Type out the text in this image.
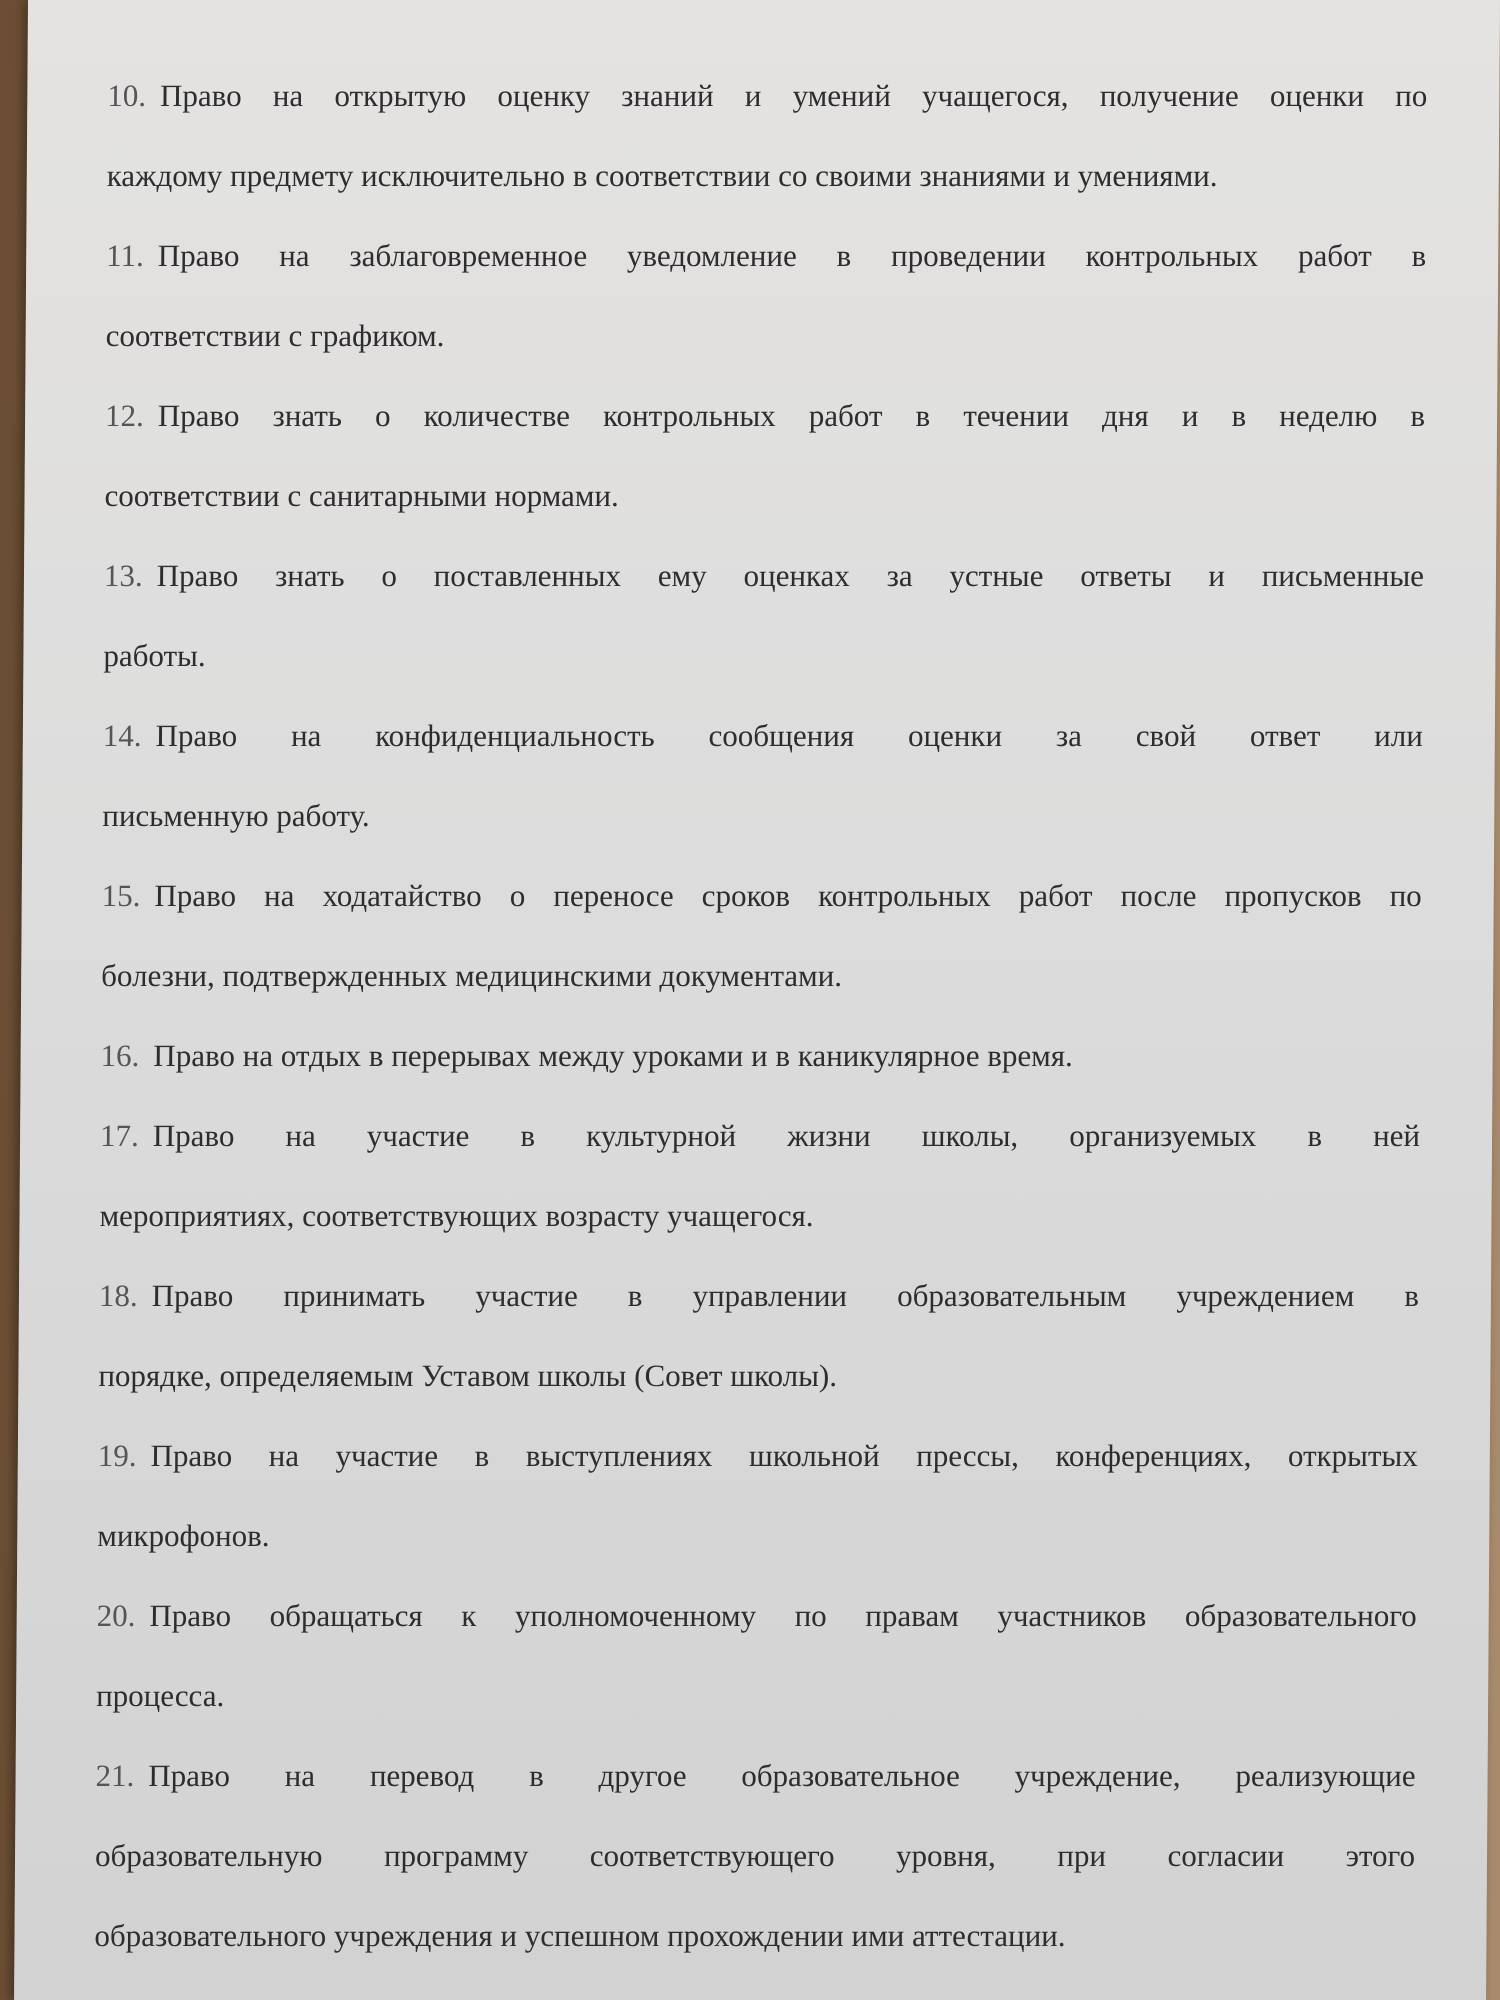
10. Право на открытую оценку знаний и умений учащегося, получение оценки по
каждому предмету исключительно в соответствии со своими знаниями и умениями.
11. Право на заблаговременное уведомление в проведении контрольных работ в
соответствии с графиком.
12. Право знать о количестве контрольных работ в течении дня и в неделю в
соответствии с санитарными нормами.
13. Право знать о поставленных ему оценках за устные ответы и письменные
работы.
14. Право на конфиденциальность сообщения оценки за свой ответ или
письменную работу.
15. Право на ходатайство о переносе сроков контрольных работ после пропусков по
болезни, подтвержденных медицинскими документами.
16. Право на отдых в перерывах между уроками и в каникулярное время.
17. Право на участие в культурной жизни школы, организуемых в ней
мероприятиях, соответствующих возрасту учащегося.
18. Право принимать участие в управлении образовательным учреждением в
порядке, определяемым Уставом школы (Совет школы).
19. Право на участие в выступлениях школьной прессы, конференциях, открытых
микрофонов.
20. Право обращаться к уполномоченному по правам участников образовательного
процесса.
21. Право на перевод в другое образовательное учреждение, реализующие
образовательную программу соответствующего уровня, при согласии этого
образовательного учреждения и успешном прохождении ими аттестации.
